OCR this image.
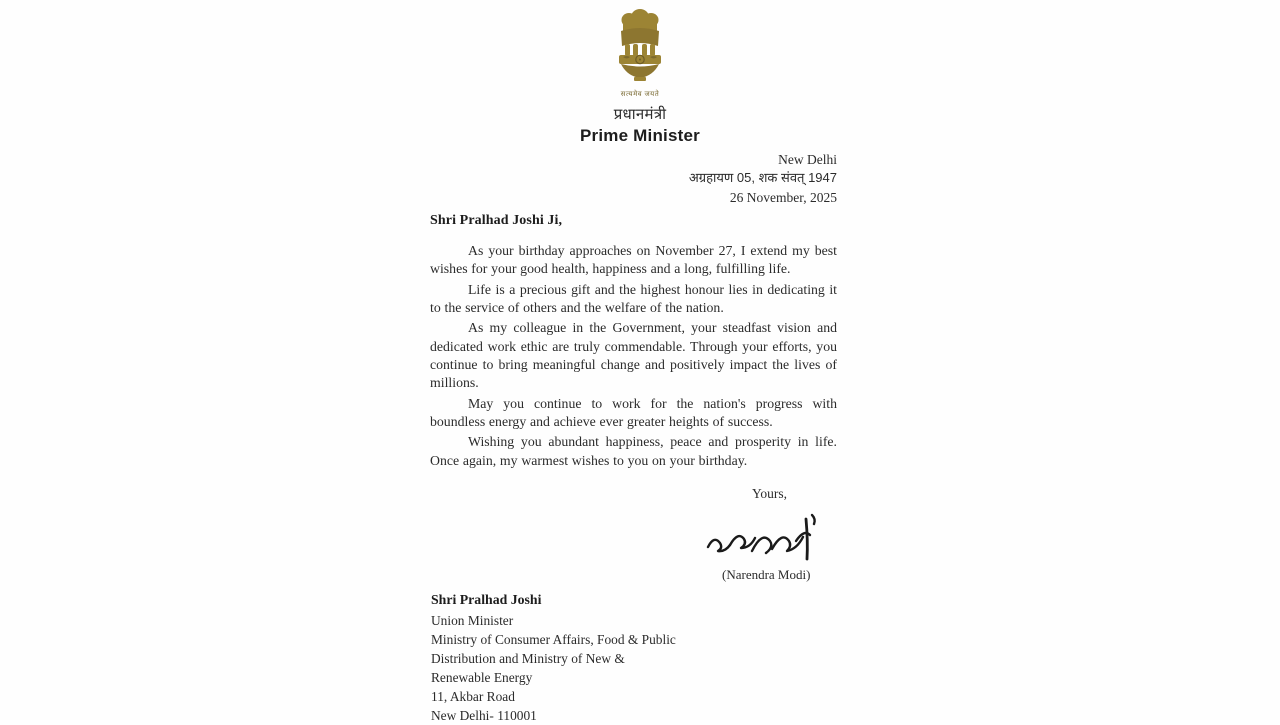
सत्यमेव जयते
प्रधानमंत्री
Prime Minister
New Delhi
अग्रहायण 05, शक संवत् 1947
26 November, 2025
Shri Pralhad Joshi Ji,

As your birthday approaches on November 27, I extend my best wishes for your good health, happiness and a long, fulfilling life.

Life is a precious gift and the highest honour lies in dedicating it to the service of others and the welfare of the nation.

As my colleague in the Government, your steadfast vision and dedicated work ethic are truly commendable. Through your efforts, you continue to bring meaningful change and positively impact the lives of millions.

May you continue to work for the nation's progress with boundless energy and achieve ever greater heights of success.

Wishing you abundant happiness, peace and prosperity in life. Once again, my warmest wishes to you on your birthday.

Yours,
(Narendra Modi)
Shri Pralhad Joshi
Union Minister
Ministry of Consumer Affairs, Food & Public
Distribution and Ministry of New &
Renewable Energy
11, Akbar Road
New Delhi- 110001
